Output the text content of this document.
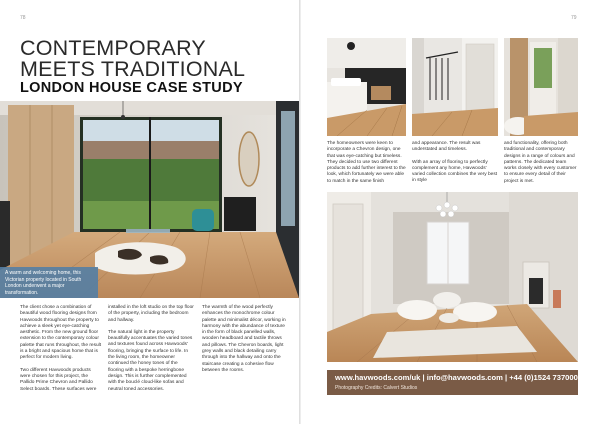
78	79
CONTEMPORARY
MEETS TRADITIONAL
LONDON HOUSE CASE STUDY
A warm and welcoming home, this Victorian property located in South London underwent a major transformation.

The client chose a combination of beautiful wood flooring designs from Havwoods throughout the property to achieve a sleek yet eye-catching aesthetic. From the new ground floor extension to the contemporary colour palette that runs throughout, the result is a bright and spacious home that is perfect for modern living.

Two different Havwoods products were chosen for this project, the Pallido Prime Chevron and Pallido Select boards. These surfaces were

installed in the loft studio on the top floor of the property, including the bedroom and hallway.

The natural light in the property beautifully accentuates the varied tones and textures found across Havwoods' flooring, bringing the surface to life. In the living room, the homeowner continued the honey tones of the flooring with a bespoke herringbone design. This is further complemented with the bouclé cloud-like sofas and neutral toned accessories.

The warmth of the wood perfectly enhances the monochrome colour palette and minimalist décor, working in harmony with the abundance of texture in the form of black panelled walls, wooden headboard and tactile throws and pillows. The Chevron boards, light grey walls and black detailing carry through into the hallway and onto the staircase creating a cohesive flow between the rooms.

The homeowners were keen to incorporate a Chevron design, one that was eye-catching but timeless. They decided to use two different products to add further interest to the look, which fortunately we were able to match in the same finish

and appearance. The result was understated and timeless.

With an array of flooring to perfectly complement any home, Havwoods' varied collection combines the very best in style

and functionality, offering both traditional and contemporary designs in a range of colours and patterns. The dedicated team works closely with every customer to ensure every detail of their project is met.

www.havwoods.com/uk | info@havwoods.com | +44 (0)1524 737000
Photography Credits: Calvert Studios
